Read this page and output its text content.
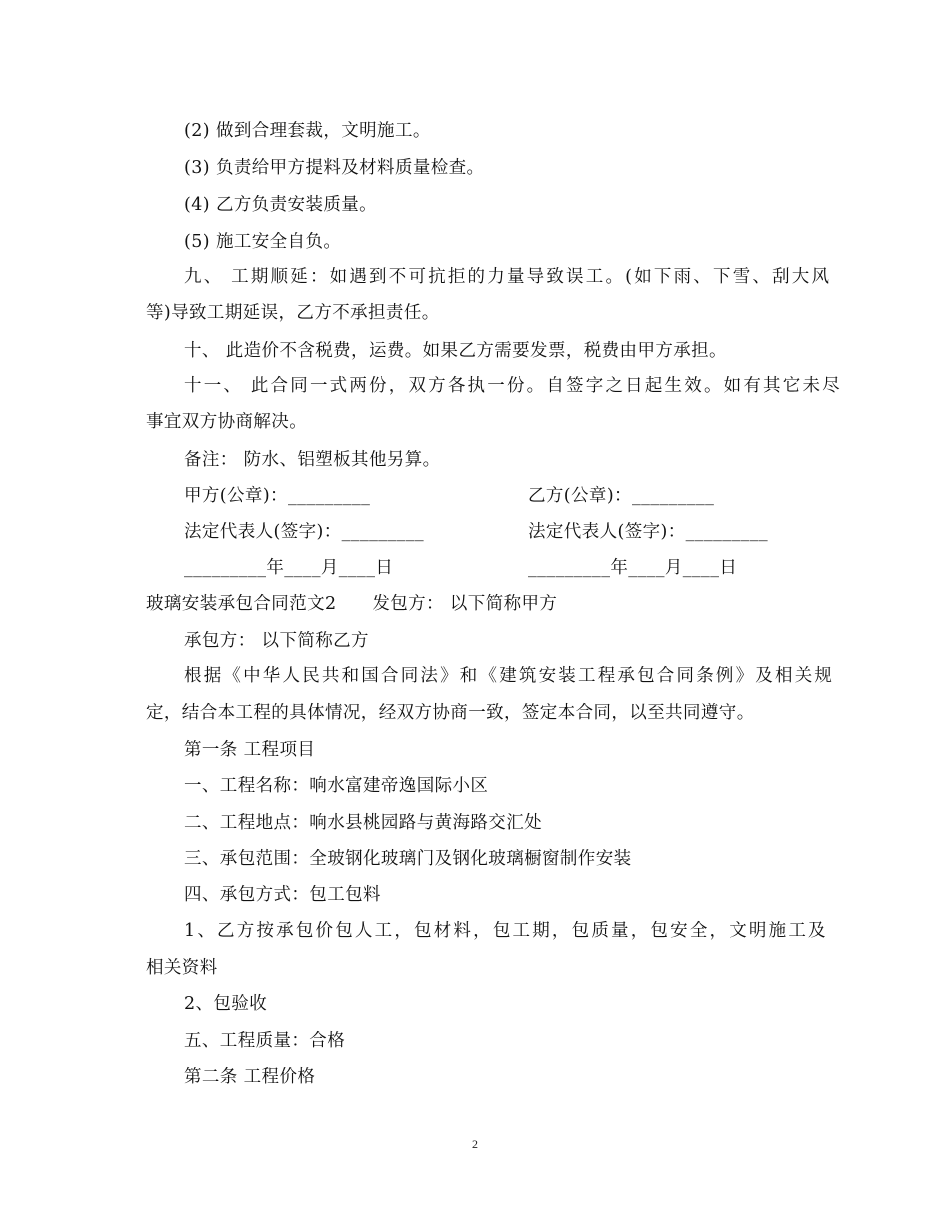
(2) 做到合理套裁，文明施工。
(3) 负责给甲方提料及材料质量检查。
(4) 乙方负责安装质量。
(5) 施工安全自负。
九、 工期顺延：如遇到不可抗拒的力量导致误工。(如下雨、下雪、刮大风
等)导致工期延误，乙方不承担责任。
十、 此造价不含税费，运费。如果乙方需要发票，税费由甲方承担。
十一、 此合同一式两份，双方各执一份。自签字之日起生效。如有其它未尽
事宜双方协商解决。
备注： 防水、铝塑板其他另算。
甲方(公章)：_________	乙方(公章)：_________
法定代表人(签字)：_________	法定代表人(签字)：_________
_________年____月____日	_________年____月____日
玻璃安装承包合同范文2　　发包方： 以下简称甲方
承包方： 以下简称乙方
根据《中华人民共和国合同法》和《建筑安装工程承包合同条例》及相关规
定，结合本工程的具体情况，经双方协商一致，签定本合同，以至共同遵守。
第一条 工程项目
一、工程名称：响水富建帝逸国际小区
二、工程地点：响水县桃园路与黄海路交汇处
三、承包范围：全玻钢化玻璃门及钢化玻璃橱窗制作安装
四、承包方式：包工包料
1、乙方按承包价包人工，包材料，包工期，包质量，包安全，文明施工及
相关资料
2、包验收
五、工程质量：合格
第二条 工程价格
2
